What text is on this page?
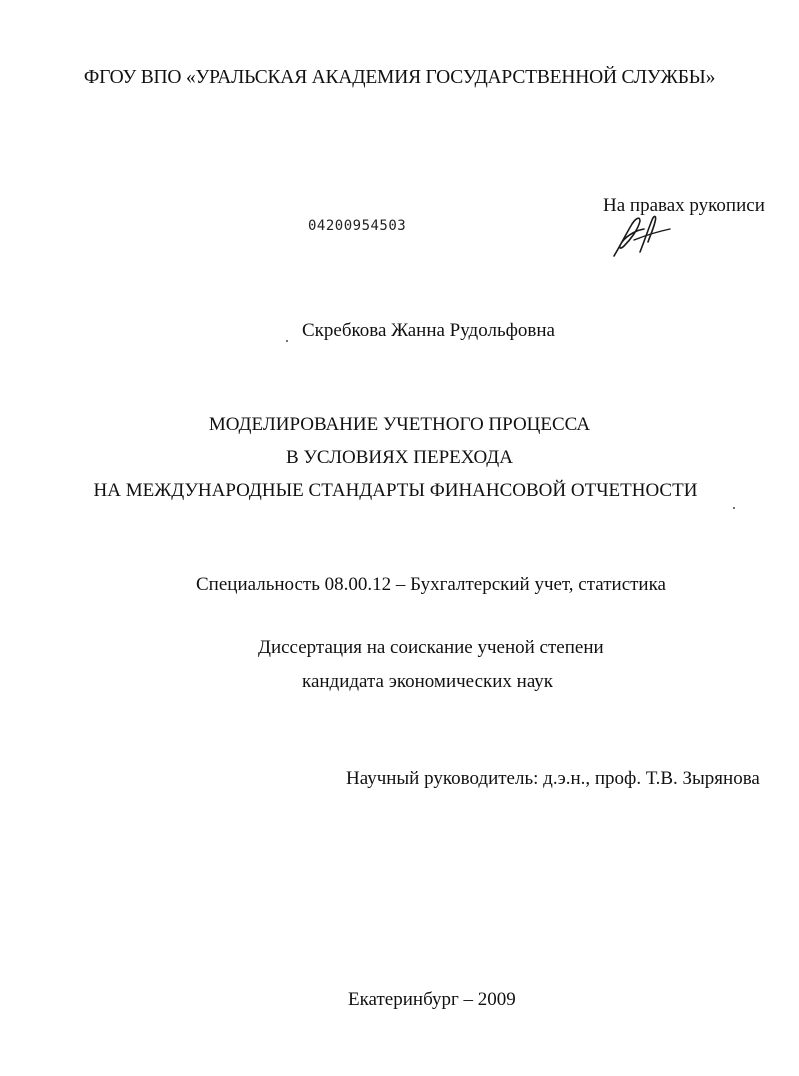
ФГОУ ВПО «УРАЛЬСКАЯ АКАДЕМИЯ ГОСУДАРСТВЕННОЙ СЛУЖБЫ»
На правах рукописи
04200954503
Скребкова Жанна Рудольфовна
МОДЕЛИРОВАНИЕ УЧЕТНОГО ПРОЦЕССА
В УСЛОВИЯХ ПЕРЕХОДА
НА МЕЖДУНАРОДНЫЕ СТАНДАРТЫ ФИНАНСОВОЙ ОТЧЕТНОСТИ
Специальность 08.00.12 – Бухгалтерский учет, статистика
Диссертация на соискание ученой степени
кандидата экономических наук
Научный руководитель: д.э.н., проф. Т.В. Зырянова
Екатеринбург – 2009
